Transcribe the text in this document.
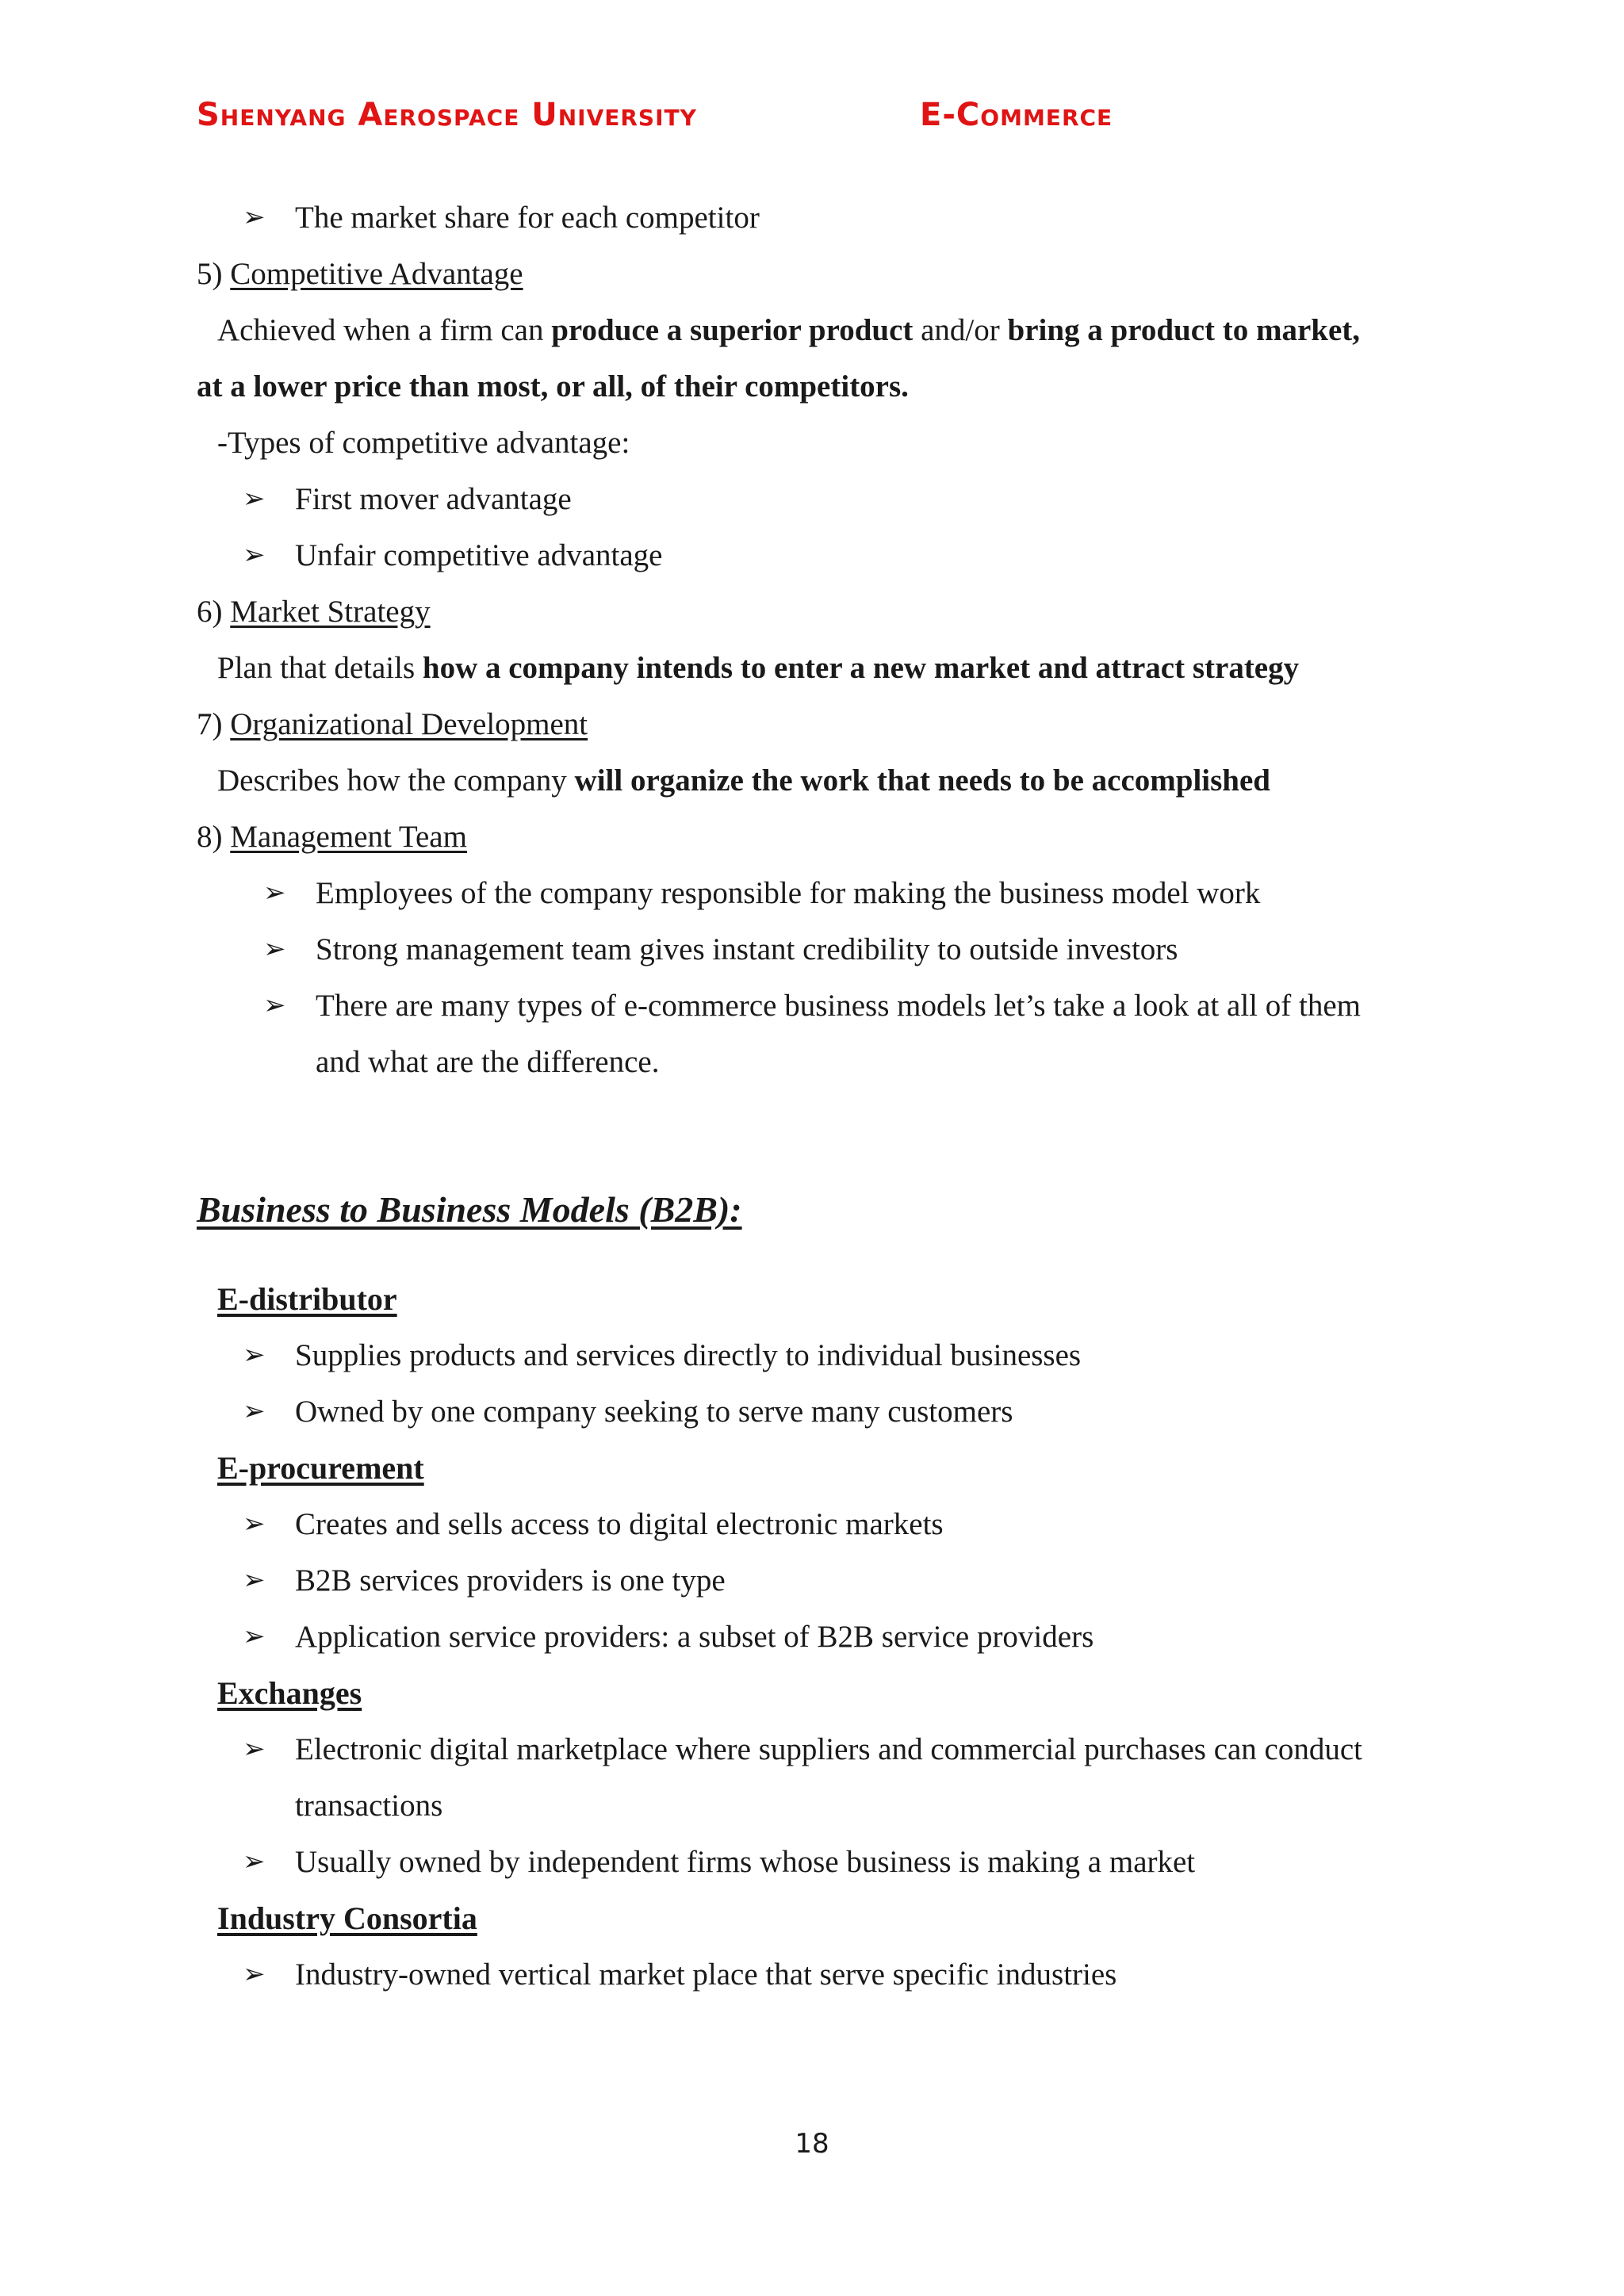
Shenyang Aerospace University	E-Commerce
➢ The market share for each competitor
5) Competitive Advantage
Achieved when a firm can produce a superior product and/or bring a product to market,
at a lower price than most, or all, of their competitors.
-Types of competitive advantage:
➢ First mover advantage
➢ Unfair competitive advantage
6) Market Strategy
Plan that details how a company intends to enter a new market and attract strategy
7) Organizational Development
Describes how the company will organize the work that needs to be accomplished
8) Management Team
➢ Employees of the company responsible for making the business model work
➢ Strong management team gives instant credibility to outside investors
➢ There are many types of e-commerce business models let’s take a look at all of them
and what are the difference.
Business to Business Models (B2B):
E-distributor
➢ Supplies products and services directly to individual businesses
➢ Owned by one company seeking to serve many customers
E-procurement
➢ Creates and sells access to digital electronic markets
➢ B2B services providers is one type
➢ Application service providers: a subset of B2B service providers
Exchanges
➢ Electronic digital marketplace where suppliers and commercial purchases can conduct
transactions
➢ Usually owned by independent firms whose business is making a market
Industry Consortia
➢ Industry-owned vertical market place that serve specific industries
18
